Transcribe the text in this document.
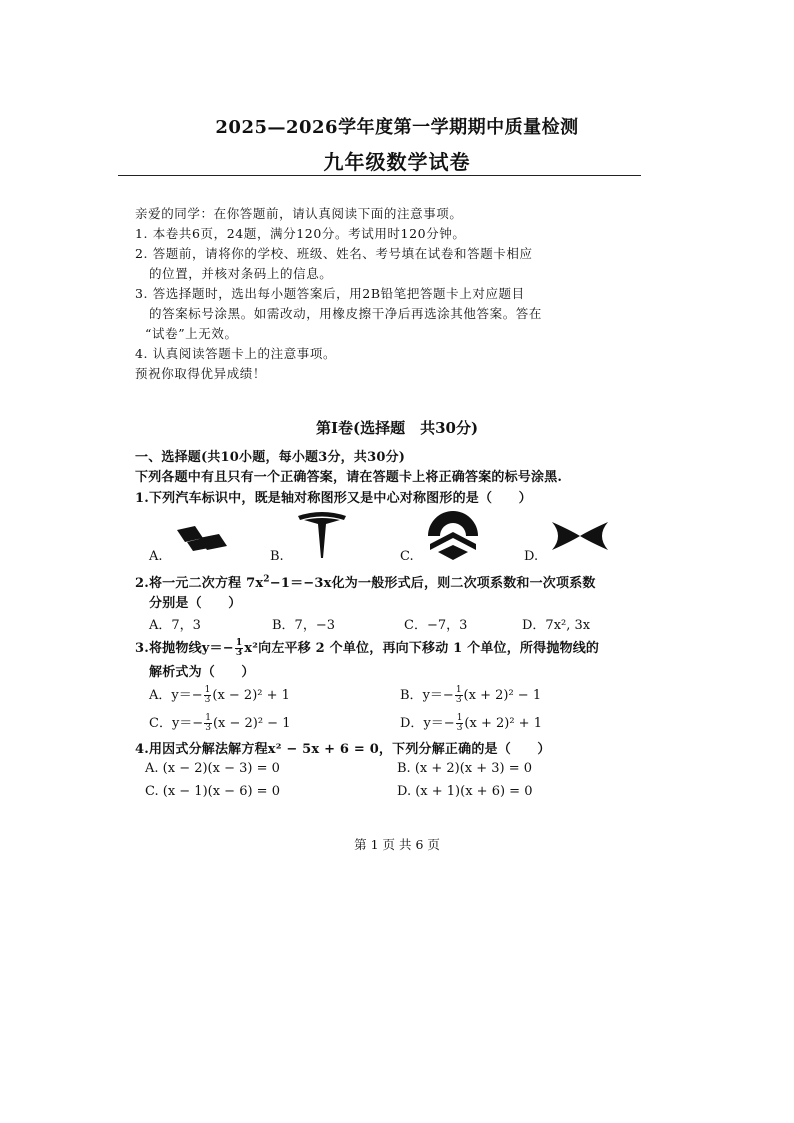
2025—2026学年度第一学期期中质量检测
九年级数学试卷
亲爱的同学：在你答题前，请认真阅读下面的注意事项。
1. 本卷共6页，24题，满分120分。考试用时120分钟。
2. 答题前，请将你的学校、班级、姓名、考号填在试卷和答题卡相应
的位置，并核对条码上的信息。
3. 答选择题时，选出每小题答案后，用2B铅笔把答题卡上对应题目
的答案标号涂黑。如需改动，用橡皮擦干净后再选涂其他答案。答在
“试卷”上无效。
4. 认真阅读答题卡上的注意事项。
预祝你取得优异成绩！
第Ⅰ卷(选择题　共30分)
一、选择题(共10小题，每小题3分，共30分)
下列各题中有且只有一个正确答案，请在答题卡上将正确答案的标号涂黑.
1.下列汽车标识中，既是轴对称图形又是中心对称图形的是（　　）
A.	B.	C.	D.
2.将一元二次方程 $7x^2-1=-3x$化为一般形式后，则二次项系数和一次项系数
分别是（　　）
A．7，3	B．7，−3	C．−7，3	D．7x², 3x
3.将抛物线$y=- \frac{1}{3} x^2$向左平移 2 个单位，再向下移动 1 个单位，所得抛物线的
解析式为（　　）
A．$y=- \frac{1}{3} (x - 2)^2 + 1$	B．$y=- \frac{1}{3} (x + 2)^2 - 1$
C．$y=- \frac{1}{3} (x - 2)^2 - 1$	D．$y=- \frac{1}{3} (x + 2)^2 + 1$
4.用因式分解法解方程x² − 5x + 6 = 0，下列分解正确的是（　　）
A. (x − 2)(x − 3) = 0	B. (x + 2)(x + 3) = 0
C. (x − 1)(x − 6) = 0	D. (x + 1)(x + 6) = 0
第 1 页 共 6 页
